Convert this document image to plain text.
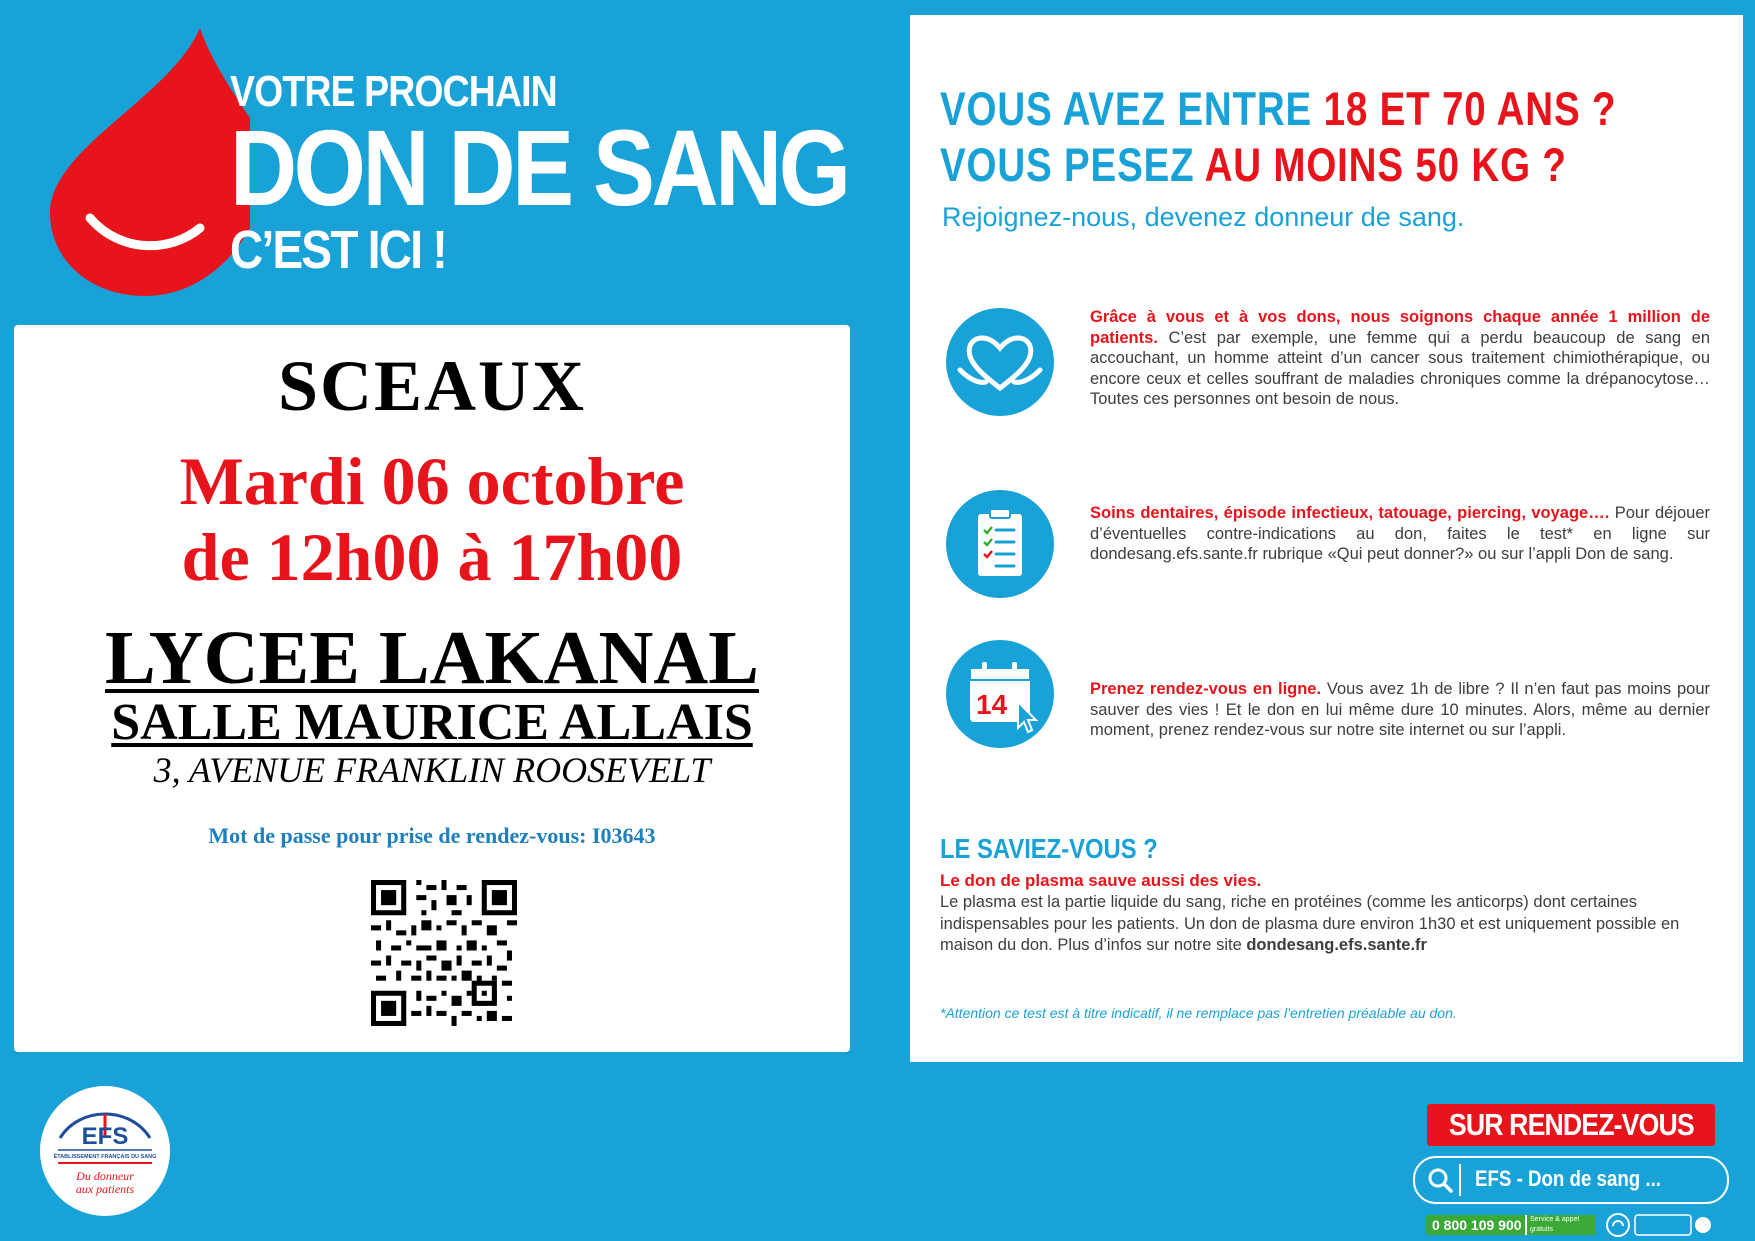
VOTRE PROCHAIN
DON DE SANG
C’EST ICI !
SCEAUX
Mardi 06 octobre
de 12h00 à 17h00
LYCEE LAKANAL
SALLE MAURICE ALLAIS
3, AVENUE FRANKLIN ROOSEVELT
Mot de passe pour prise de rendez-vous: I03643
VOUS AVEZ ENTRE 18 ET 70 ANS ?
VOUS PESEZ AU MOINS 50 KG ?
Rejoignez-nous, devenez donneur de sang.
Grâce à vous et à vos dons, nous soignons chaque année 1 million de patients. C’est par exemple, une femme qui a perdu beaucoup de sang en accouchant, un homme atteint d’un cancer sous traitement chimiothérapique, ou encore ceux et celles souffrant de maladies chroniques comme la drépanocytose… Toutes ces personnes ont besoin de nous.
Soins dentaires, épisode infectieux, tatouage, piercing, voyage…. Pour déjouer d’éventuelles contre-indications au don, faites le test* en ligne sur dondesang.efs.sante.fr rubrique «Qui peut donner?» ou sur l’appli Don de sang.
14	Prenez rendez-vous en ligne. Vous avez 1h de libre ? Il n’en faut pas moins pour sauver des vies ! Et le don en lui même dure 10 minutes. Alors, même au dernier moment, prenez rendez-vous sur notre site internet ou sur l’appli.
LE SAVIEZ-VOUS ?
Le don de plasma sauve aussi des vies.
Le plasma est la partie liquide du sang, riche en protéines (comme les anticorps) dont certaines indispensables pour les patients. Un don de plasma dure environ 1h30 et est uniquement possible en maison du don. Plus d’infos sur notre site dondesang.efs.sante.fr
*Attention ce test est à titre indicatif, il ne remplace pas l’entretien préalable au don.
EFS
ÉTABLISSEMENT FRANÇAIS DU SANG
Du donneur
aux patients
SUR RENDEZ-VOUS
EFS - Don de sang ...
0 800 109 900	Service & appel gratuits
